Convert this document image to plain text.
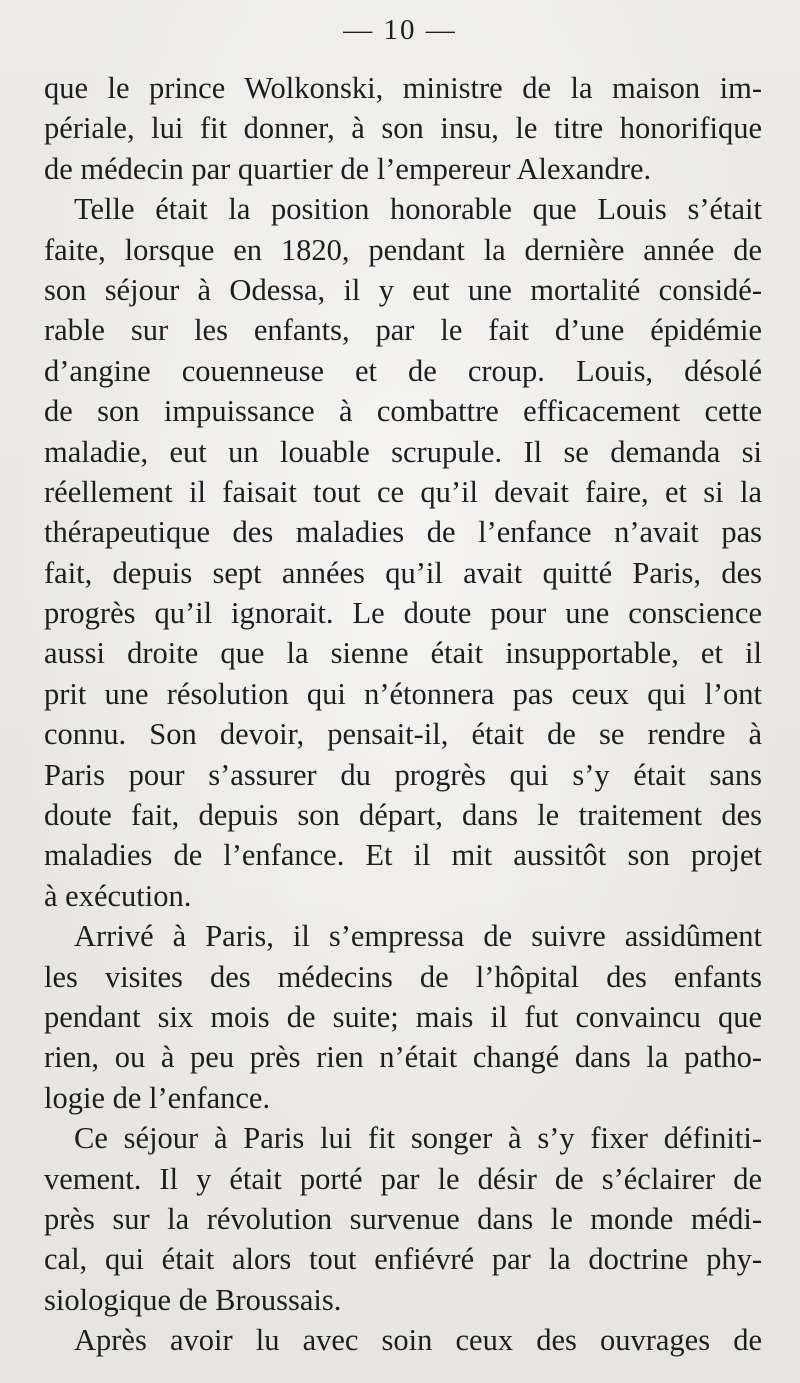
— 10 —
que le prince Wolkonski, ministre de la maison im-
périale, lui fit donner, à son insu, le titre honorifique
de médecin par quartier de l’empereur Alexandre.
Telle était la position honorable que Louis s’était
faite, lorsque en 1820, pendant la dernière année de
son séjour à Odessa, il y eut une mortalité considé-
rable sur les enfants, par le fait d’une épidémie
d’angine couenneuse et de croup. Louis, désolé
de son impuissance à combattre efficacement cette
maladie, eut un louable scrupule. Il se demanda si
réellement il faisait tout ce qu’il devait faire, et si la
thérapeutique des maladies de l’enfance n’avait pas
fait, depuis sept années qu’il avait quitté Paris, des
progrès qu’il ignorait. Le doute pour une conscience
aussi droite que la sienne était insupportable, et il
prit une résolution qui n’étonnera pas ceux qui l’ont
connu. Son devoir, pensait-il, était de se rendre à
Paris pour s’assurer du progrès qui s’y était sans
doute fait, depuis son départ, dans le traitement des
maladies de l’enfance. Et il mit aussitôt son projet
à exécution.
Arrivé à Paris, il s’empressa de suivre assidûment
les visites des médecins de l’hôpital des enfants
pendant six mois de suite; mais il fut convaincu que
rien, ou à peu près rien n’était changé dans la patho-
logie de l’enfance.
Ce séjour à Paris lui fit songer à s’y fixer définiti-
vement. Il y était porté par le désir de s’éclairer de
près sur la révolution survenue dans le monde médi-
cal, qui était alors tout enfiévré par la doctrine phy-
siologique de Broussais.
Après avoir lu avec soin ceux des ouvrages de
